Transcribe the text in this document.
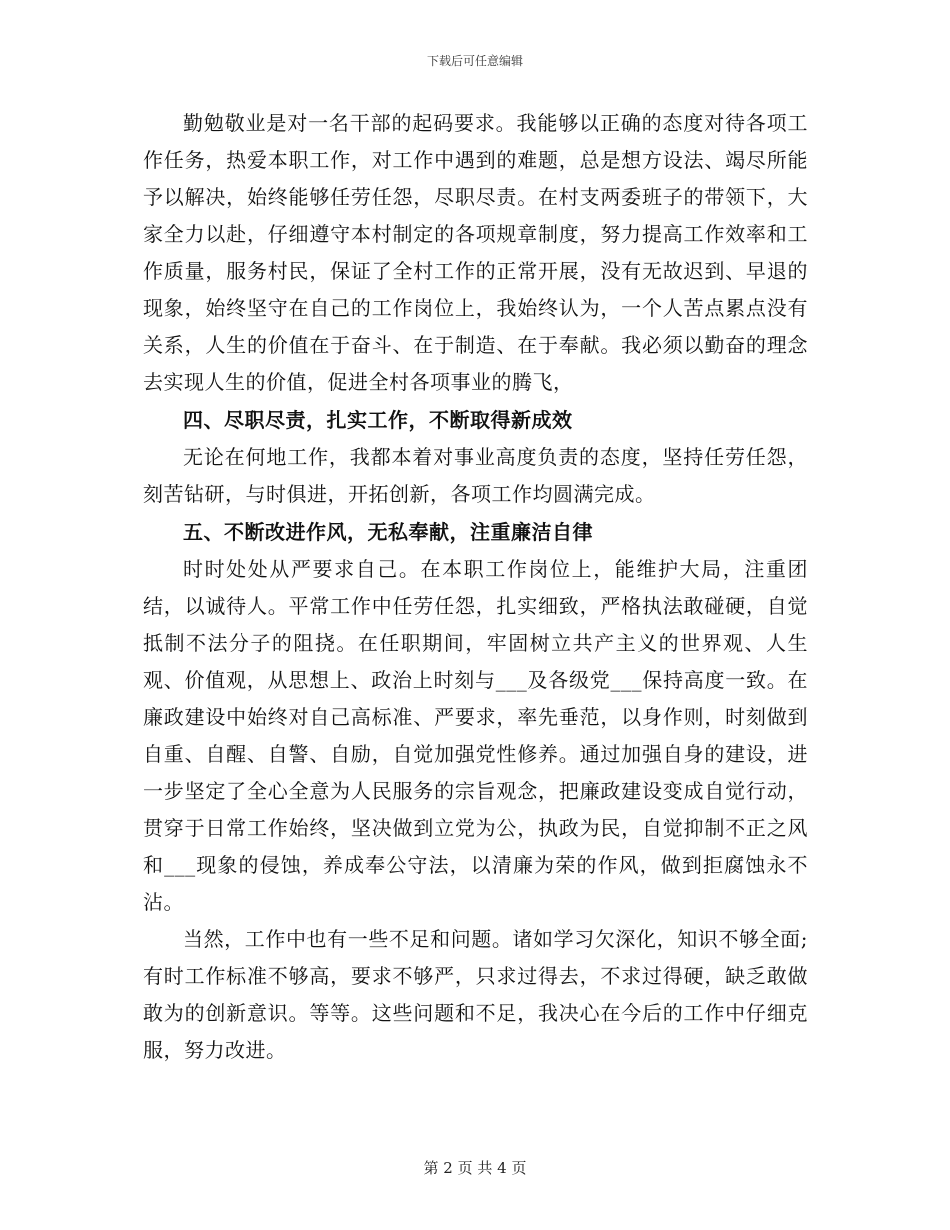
下载后可任意编辑

勤勉敬业是对一名干部的起码要求。我能够以正确的态度对待各项工作任务，热爱本职工作，对工作中遇到的难题，总是想方设法、竭尽所能予以解决，始终能够任劳任怨，尽职尽责。在村支两委班子的带领下，大家全力以赴，仔细遵守本村制定的各项规章制度，努力提高工作效率和工作质量，服务村民，保证了全村工作的正常开展，没有无故迟到、早退的现象，始终坚守在自己的工作岗位上，我始终认为，一个人苦点累点没有关系，人生的价值在于奋斗、在于制造、在于奉献。我必须以勤奋的理念去实现人生的价值，促进全村各项事业的腾飞，

四、尽职尽责，扎实工作，不断取得新成效

无论在何地工作，我都本着对事业高度负责的态度，坚持任劳任怨，刻苦钻研，与时俱进，开拓创新，各项工作均圆满完成。

五、不断改进作风，无私奉献，注重廉洁自律

时时处处从严要求自己。在本职工作岗位上，能维护大局，注重团结，以诚待人。平常工作中任劳任怨，扎实细致，严格执法敢碰硬，自觉抵制不法分子的阻挠。在任职期间，牢固树立共产主义的世界观、人生观、价值观，从思想上、政治上时刻与___及各级党___保持高度一致。在廉政建设中始终对自己高标准、严要求，率先垂范，以身作则，时刻做到自重、自醒、自警、自励，自觉加强党性修养。通过加强自身的建设，进一步坚定了全心全意为人民服务的宗旨观念，把廉政建设变成自觉行动，贯穿于日常工作始终，坚决做到立党为公，执政为民，自觉抑制不正之风和___现象的侵蚀，养成奉公守法，以清廉为荣的作风，做到拒腐蚀永不沾。

当然，工作中也有一些不足和问题。诸如学习欠深化，知识不够全面;有时工作标准不够高，要求不够严，只求过得去，不求过得硬，缺乏敢做敢为的创新意识。等等。这些问题和不足，我决心在今后的工作中仔细克服，努力改进。

第 2 页 共 4 页
